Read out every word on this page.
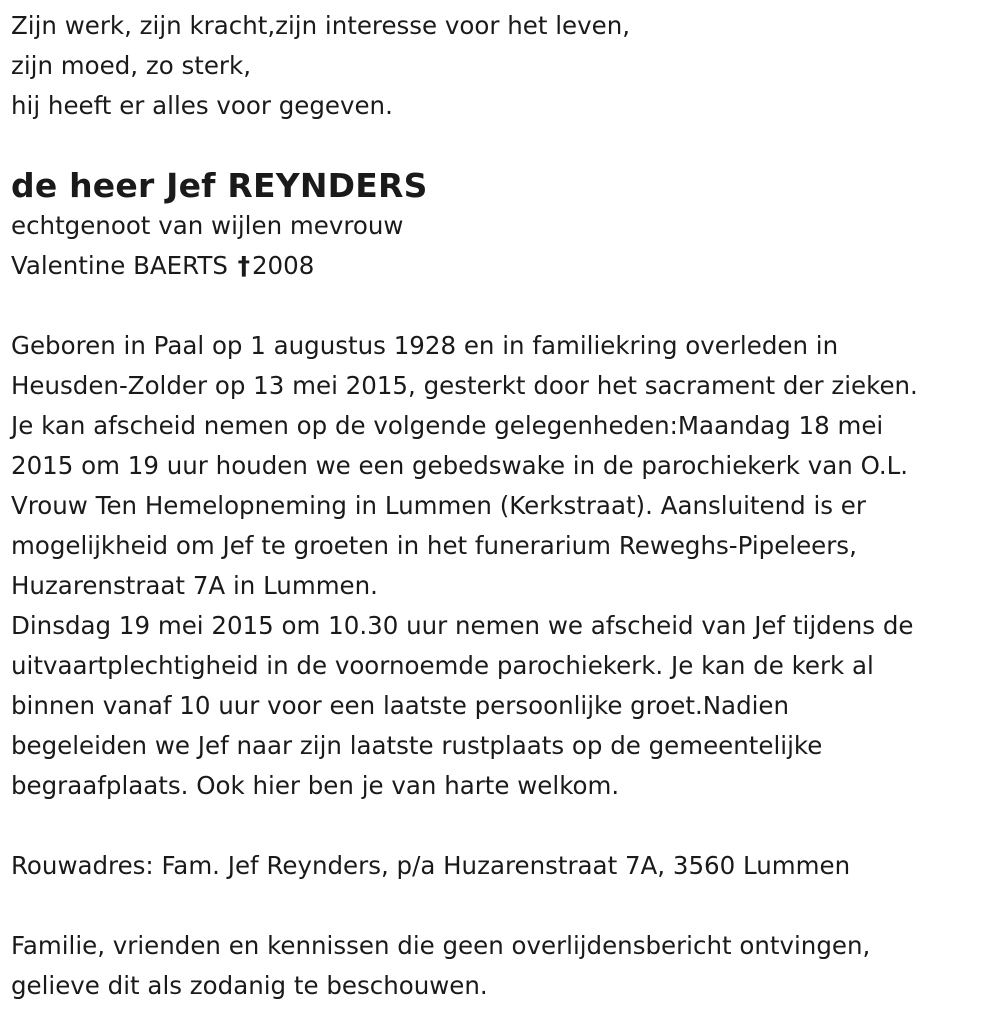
Zijn werk, zijn kracht,zijn interesse voor het leven,

zijn moed, zo sterk,

hij heeft er alles voor gegeven.

de heer Jef REYNDERS

echtgenoot van wijlen mevrouw

Valentine BAERTS †2008

Geboren in Paal op 1 augustus 1928 en in familiekring overleden in

Heusden-Zolder op 13 mei 2015, gesterkt door het sacrament der zieken.

Je kan afscheid nemen op de volgende gelegenheden:Maandag 18 mei

2015 om 19 uur houden we een gebedswake in de parochiekerk van O.L.

Vrouw Ten Hemelopneming in Lummen (Kerkstraat). Aansluitend is er

mogelijkheid om Jef te groeten in het funerarium Reweghs-Pipeleers,

Huzarenstraat 7A in Lummen.

Dinsdag 19 mei 2015 om 10.30 uur nemen we afscheid van Jef tijdens de

uitvaartplechtigheid in de voornoemde parochiekerk. Je kan de kerk al

binnen vanaf 10 uur voor een laatste persoonlijke groet.Nadien

begeleiden we Jef naar zijn laatste rustplaats op de gemeentelijke

begraafplaats. Ook hier ben je van harte welkom.

Rouwadres: Fam. Jef Reynders, p/a Huzarenstraat 7A, 3560 Lummen

Familie, vrienden en kennissen die geen overlijdensbericht ontvingen,

gelieve dit als zodanig te beschouwen.
